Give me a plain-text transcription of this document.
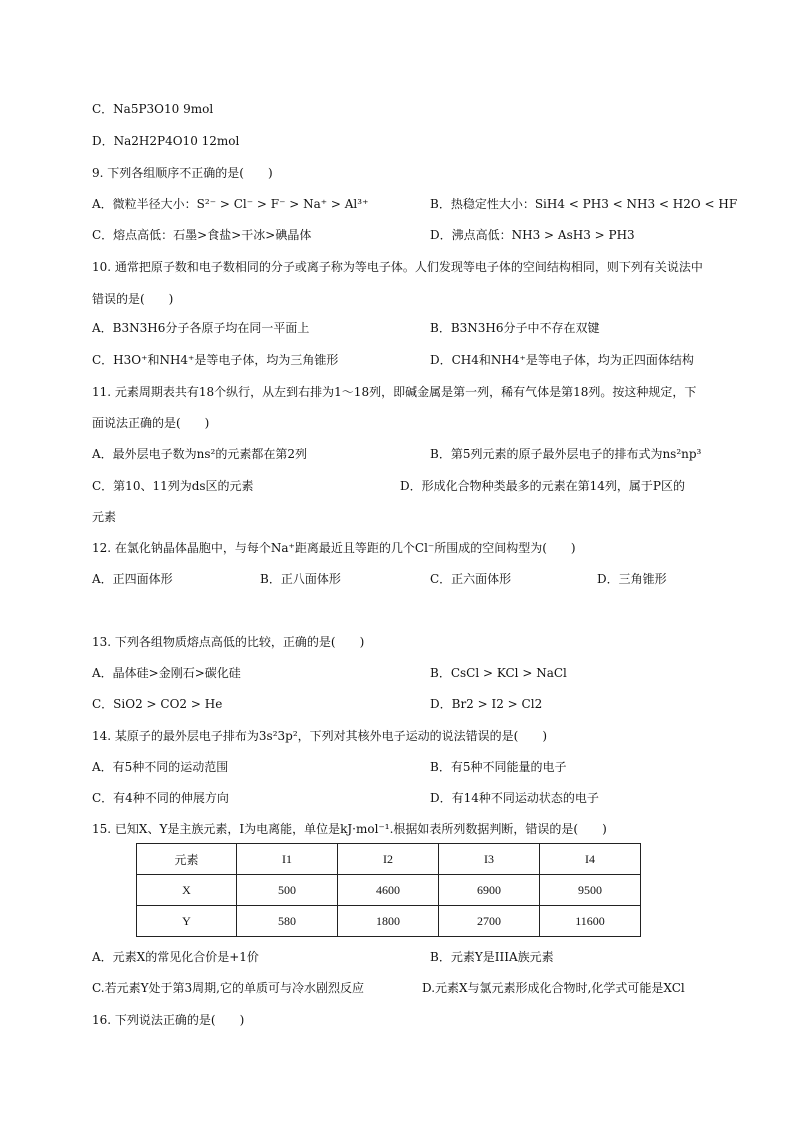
C．Na5P3O10 9mol
D．Na2H2P4O10 12mol
9. 下列各组顺序不正确的是(　　)
A．微粒半径大小：S²⁻ > Cl⁻ > F⁻ > Na⁺ > Al³⁺	B．热稳定性大小：SiH4 < PH3 < NH3 < H2O < HF
C．熔点高低：石墨>食盐>干冰>碘晶体	D．沸点高低：NH3 > AsH3 > PH3
10. 通常把原子数和电子数相同的分子或离子称为等电子体。人们发现等电子体的空间结构相同，则下列有关说法中
错误的是(　　)
A．B3N3H6分子各原子均在同一平面上	B．B3N3H6分子中不存在双键
C．H3O⁺和NH4⁺是等电子体，均为三角锥形	D．CH4和NH4⁺是等电子体，均为正四面体结构
11. 元素周期表共有18个纵行，从左到右排为1～18列，即碱金属是第一列，稀有气体是第18列。按这种规定，下
面说法正确的是(　　)
A．最外层电子数为ns²的元素都在第2列	B．第5列元素的原子最外层电子的排布式为ns²np³
C．第10、11列为ds区的元素	D．形成化合物种类最多的元素在第14列，属于P区的
元素
12. 在氯化钠晶体晶胞中，与每个Na⁺距离最近且等距的几个Cl⁻所围成的空间构型为(　　)
A．正四面体形	B．正八面体形	C．正六面体形	D．三角锥形
13. 下列各组物质熔点高低的比较，正确的是(　　)
A．晶体硅>金刚石>碳化硅	B．CsCl > KCl > NaCl
C．SiO2 > CO2 > He	D．Br2 > I2 > Cl2
14. 某原子的最外层电子排布为3s²3p²，下列对其核外电子运动的说法错误的是(　　)
A．有5种不同的运动范围	B．有5种不同能量的电子
C．有4种不同的伸展方向	D．有14种不同运动状态的电子
15. 已知X、Y是主族元素，I为电离能，单位是kJ·mol⁻¹.根据如表所列数据判断，错误的是(　　)
元素	I1	I2	I3	I4
X	500	4600	6900	9500
Y	580	1800	2700	11600
A．元素X的常见化合价是+1价	B．元素Y是IIIA族元素
C.若元素Y处于第3周期,它的单质可与冷水剧烈反应	D.元素X与氯元素形成化合物时,化学式可能是XCl
16. 下列说法正确的是(　　)
